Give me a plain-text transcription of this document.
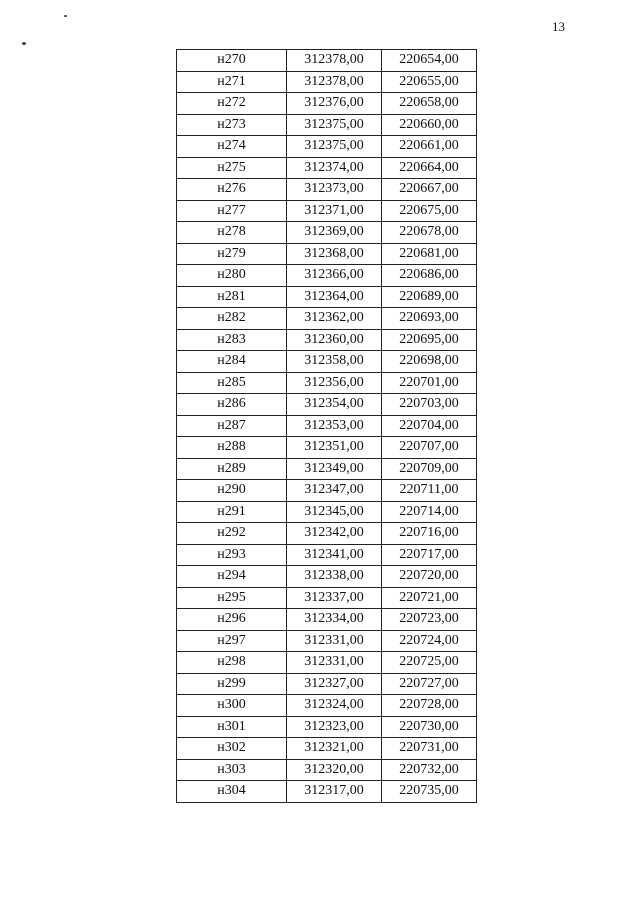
13
н270	312378,00	220654,00
н271	312378,00	220655,00
н272	312376,00	220658,00
н273	312375,00	220660,00
н274	312375,00	220661,00
н275	312374,00	220664,00
н276	312373,00	220667,00
н277	312371,00	220675,00
н278	312369,00	220678,00
н279	312368,00	220681,00
н280	312366,00	220686,00
н281	312364,00	220689,00
н282	312362,00	220693,00
н283	312360,00	220695,00
н284	312358,00	220698,00
н285	312356,00	220701,00
н286	312354,00	220703,00
н287	312353,00	220704,00
н288	312351,00	220707,00
н289	312349,00	220709,00
н290	312347,00	220711,00
н291	312345,00	220714,00
н292	312342,00	220716,00
н293	312341,00	220717,00
н294	312338,00	220720,00
н295	312337,00	220721,00
н296	312334,00	220723,00
н297	312331,00	220724,00
н298	312331,00	220725,00
н299	312327,00	220727,00
н300	312324,00	220728,00
н301	312323,00	220730,00
н302	312321,00	220731,00
н303	312320,00	220732,00
н304	312317,00	220735,00
